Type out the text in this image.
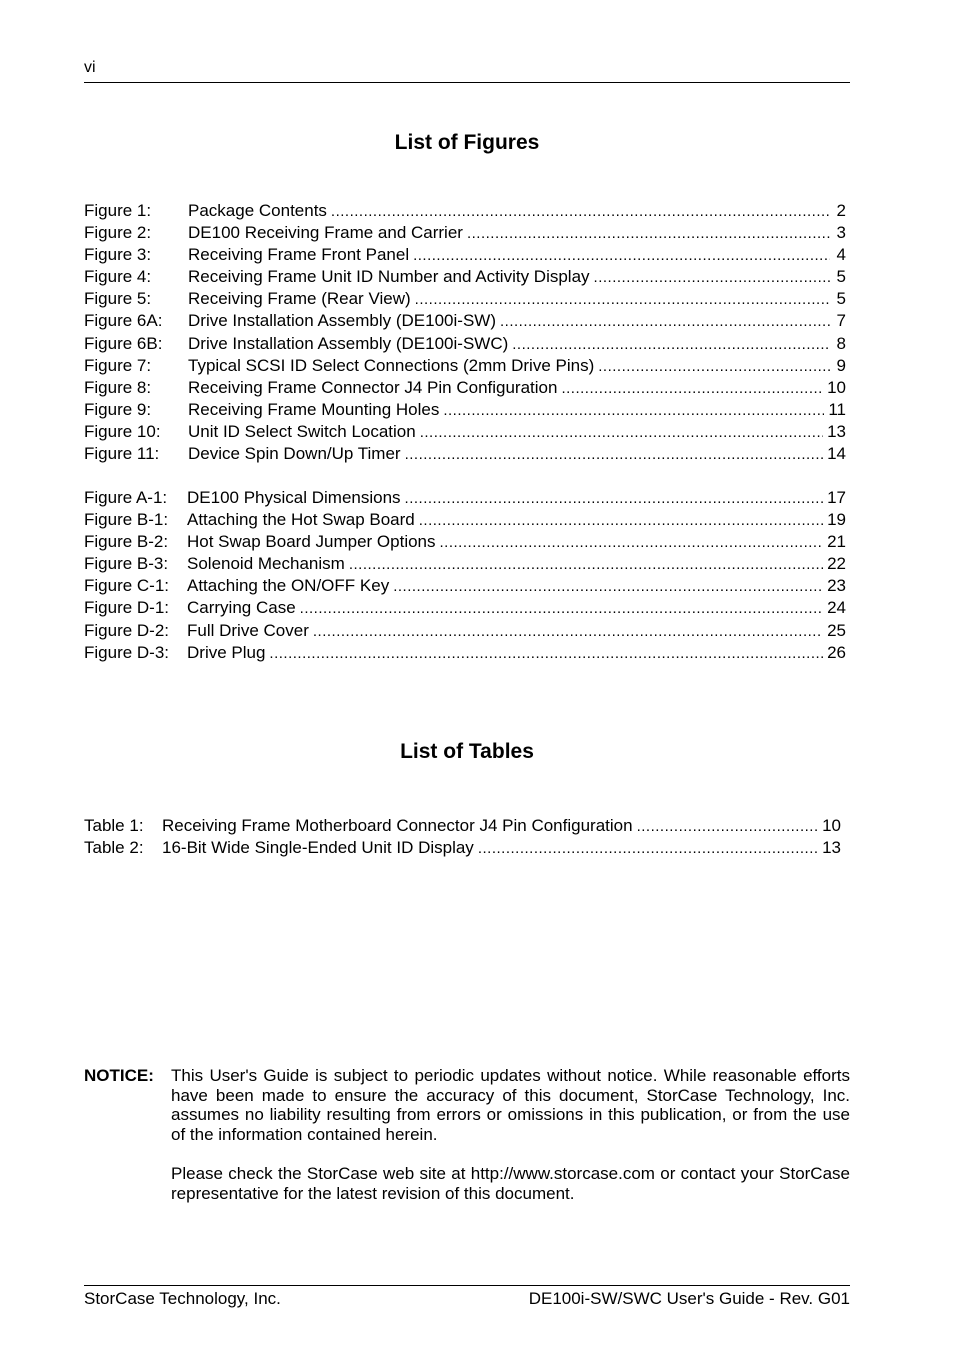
vi
List of Figures
Figure 1:	Package Contents .....	2
Figure 2:	DE100 Receiving Frame and Carrier .....	3
Figure 3:	Receiving Frame Front Panel .....	4
Figure 4:	Receiving Frame Unit ID Number and Activity Display .....	5
Figure 5:	Receiving Frame (Rear View) .....	5
Figure 6A:	Drive Installation Assembly (DE100i-SW) .....	7
Figure 6B:	Drive Installation Assembly (DE100i-SWC) .....	8
Figure 7:	Typical SCSI ID Select Connections (2mm Drive Pins) .....	9
Figure 8:	Receiving Frame Connector J4 Pin Configuration .....	10
Figure 9:	Receiving Frame Mounting Holes .....	11
Figure 10:	Unit ID Select Switch Location .....	13
Figure 11:	Device Spin Down/Up Timer .....	14
Figure A-1:	DE100 Physical Dimensions .....	17
Figure B-1:	Attaching the Hot Swap Board .....	19
Figure B-2:	Hot Swap Board Jumper Options .....	21
Figure B-3:	Solenoid Mechanism .....	22
Figure C-1:	Attaching the ON/OFF Key .....	23
Figure D-1:	Carrying Case .....	24
Figure D-2:	Full Drive Cover .....	25
Figure D-3:	Drive Plug .....	26
List of Tables
Table 1:	Receiving Frame Motherboard Connector J4 Pin Configuration .....	10
Table 2:	16-Bit Wide Single-Ended Unit ID Display .....	13
NOTICE: This User's Guide is subject to periodic updates without notice. While reasonable efforts have been made to ensure the accuracy of this document, StorCase Technology, Inc. assumes no liability resulting from errors or omissions in this publication, or from the use of the information contained herein.

Please check the StorCase web site at http://www.storcase.com or contact your StorCase representative for the latest revision of this document.

StorCase Technology, Inc.	DE100i-SW/SWC User's Guide - Rev. G01
